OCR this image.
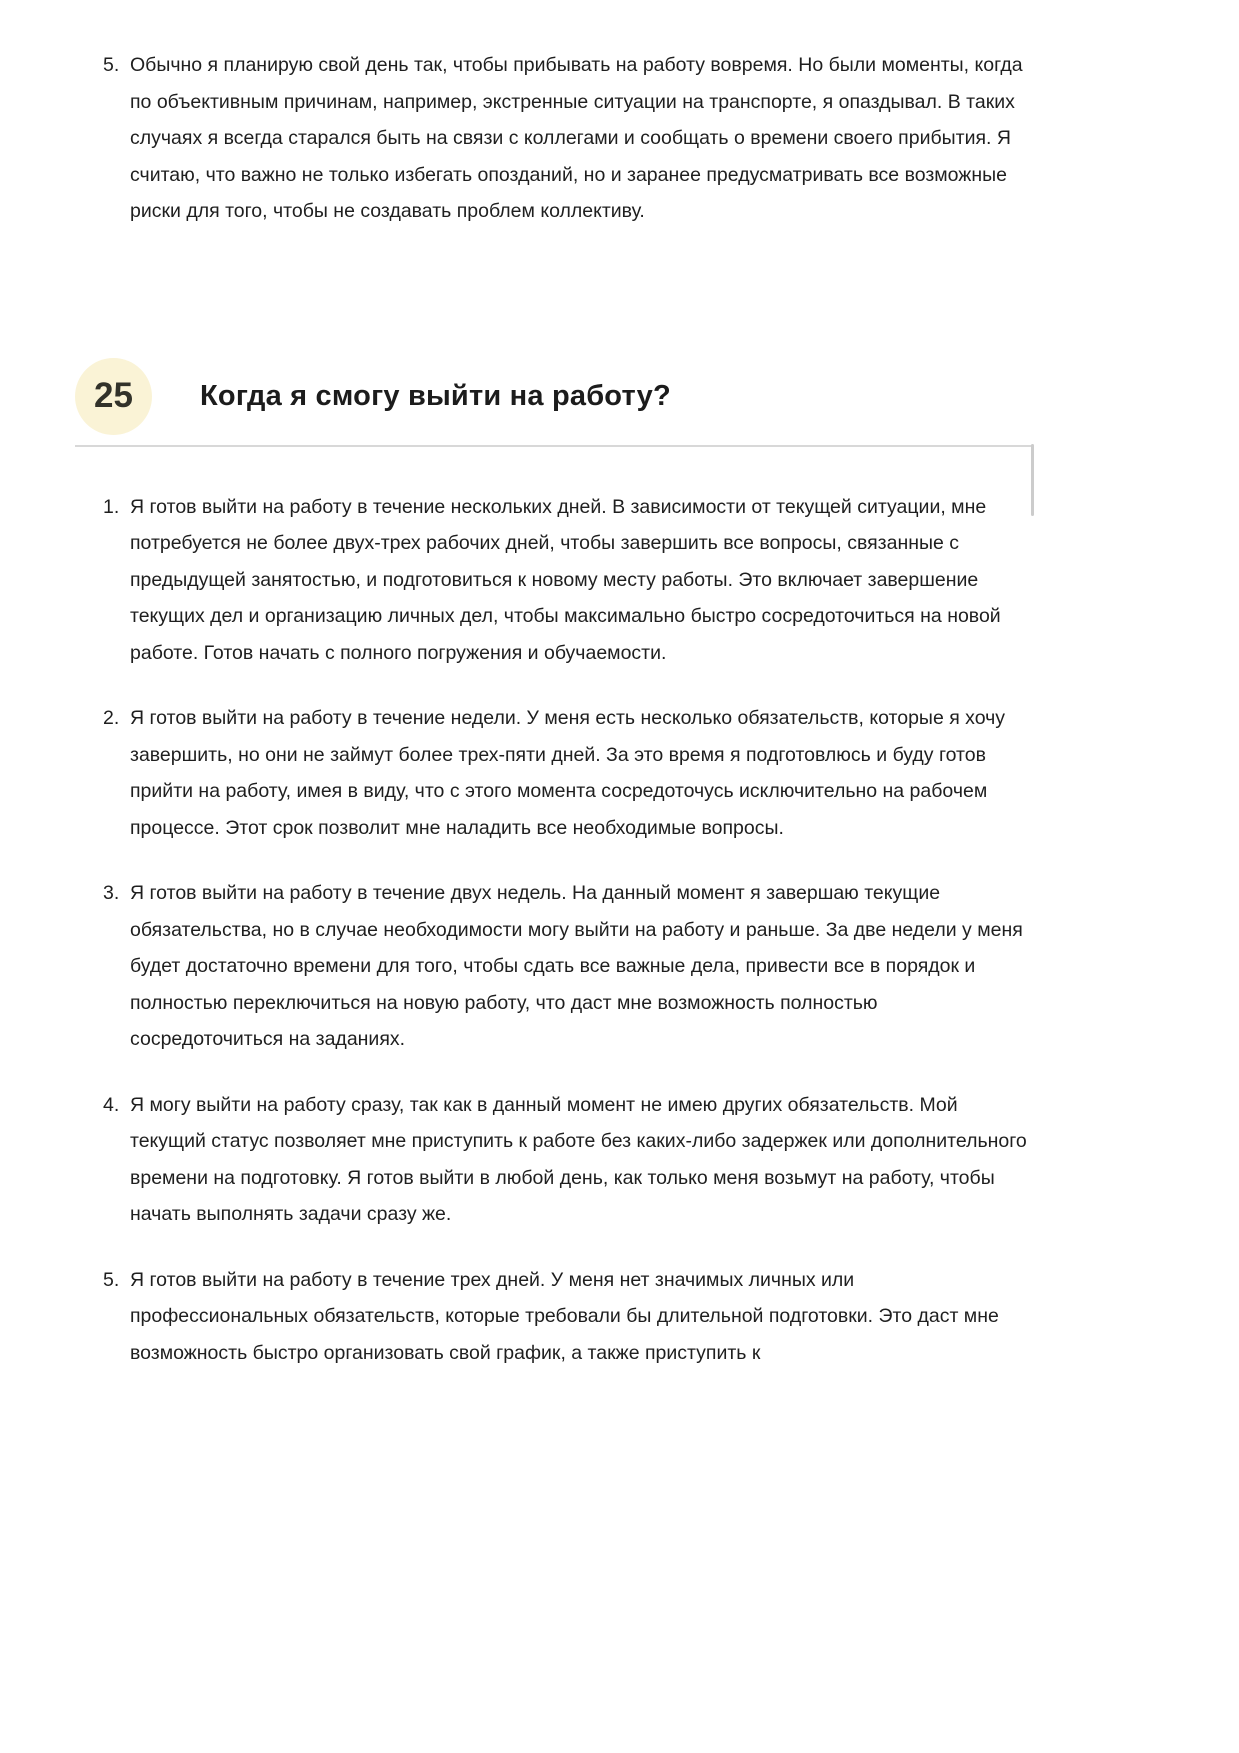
5. Обычно я планирую свой день так, чтобы прибывать на работу вовремя. Но были моменты, когда по объективным причинам, например, экстренные ситуации на транспорте, я опаздывал. В таких случаях я всегда старался быть на связи с коллегами и сообщать о времени своего прибытия. Я считаю, что важно не только избегать опозданий, но и заранее предусматривать все возможные риски для того, чтобы не создавать проблем коллективу.
25	Когда я смогу выйти на работу?
1. Я готов выйти на работу в течение нескольких дней. В зависимости от текущей ситуации, мне потребуется не более двух-трех рабочих дней, чтобы завершить все вопросы, связанные с предыдущей занятостью, и подготовиться к новому месту работы. Это включает завершение текущих дел и организацию личных дел, чтобы максимально быстро сосредоточиться на новой работе. Готов начать с полного погружения и обучаемости.
2. Я готов выйти на работу в течение недели. У меня есть несколько обязательств, которые я хочу завершить, но они не займут более трех-пяти дней. За это время я подготовлюсь и буду готов прийти на работу, имея в виду, что с этого момента сосредоточусь исключительно на рабочем процессе. Этот срок позволит мне наладить все необходимые вопросы.
3. Я готов выйти на работу в течение двух недель. На данный момент я завершаю текущие обязательства, но в случае необходимости могу выйти на работу и раньше. За две недели у меня будет достаточно времени для того, чтобы сдать все важные дела, привести все в порядок и полностью переключиться на новую работу, что даст мне возможность полностью сосредоточиться на заданиях.
4. Я могу выйти на работу сразу, так как в данный момент не имею других обязательств. Мой текущий статус позволяет мне приступить к работе без каких-либо задержек или дополнительного времени на подготовку. Я готов выйти в любой день, как только меня возьмут на работу, чтобы начать выполнять задачи сразу же.
5. Я готов выйти на работу в течение трех дней. У меня нет значимых личных или профессиональных обязательств, которые требовали бы длительной подготовки. Это даст мне возможность быстро организовать свой график, а также приступить к
